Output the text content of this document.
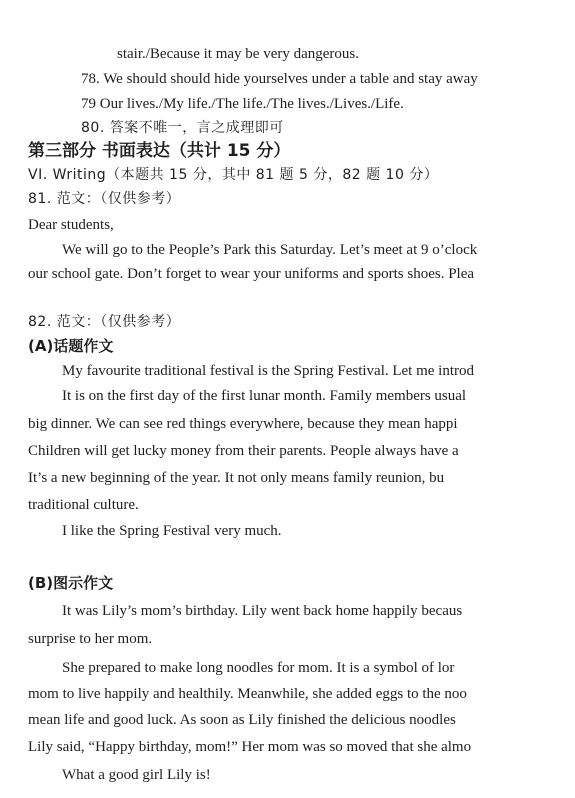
stair./Because it may be very dangerous.
78. We should should hide yourselves under a table and stay away
79 Our lives./My life./The life./The lives./Lives./Life.
80. 答案不唯一，言之成理即可
第三部分 书面表达（共计 15 分）
VI. Writing（本题共 15 分，其中 81 题 5 分，82 题 10 分）
81. 范文：（仅供参考）
Dear students,
We will go to the People’s Park this Saturday. Let’s meet at 9 o’clock
our school gate. Don’t forget to wear your uniforms and sports shoes. Plea
82. 范文：（仅供参考）
(A)话题作文
My favourite traditional festival is the Spring Festival. Let me introd
It is on the first day of the first lunar month. Family members usual
big dinner. We can see red things everywhere, because they mean happi
Children will get lucky money from their parents. People always have a
It’s a new beginning of the year. It not only means family reunion, bu
traditional culture.
I like the Spring Festival very much.
(B)图示作文
It was Lily’s mom’s birthday. Lily went back home happily becaus
surprise to her mom.
She prepared to make long noodles for mom. It is a symbol of lor
mom to live happily and healthily. Meanwhile, she added eggs to the noo
mean life and good luck. As soon as Lily finished the delicious noodles
Lily said, “Happy birthday, mom!” Her mom was so moved that she almo
What a good girl Lily is!
